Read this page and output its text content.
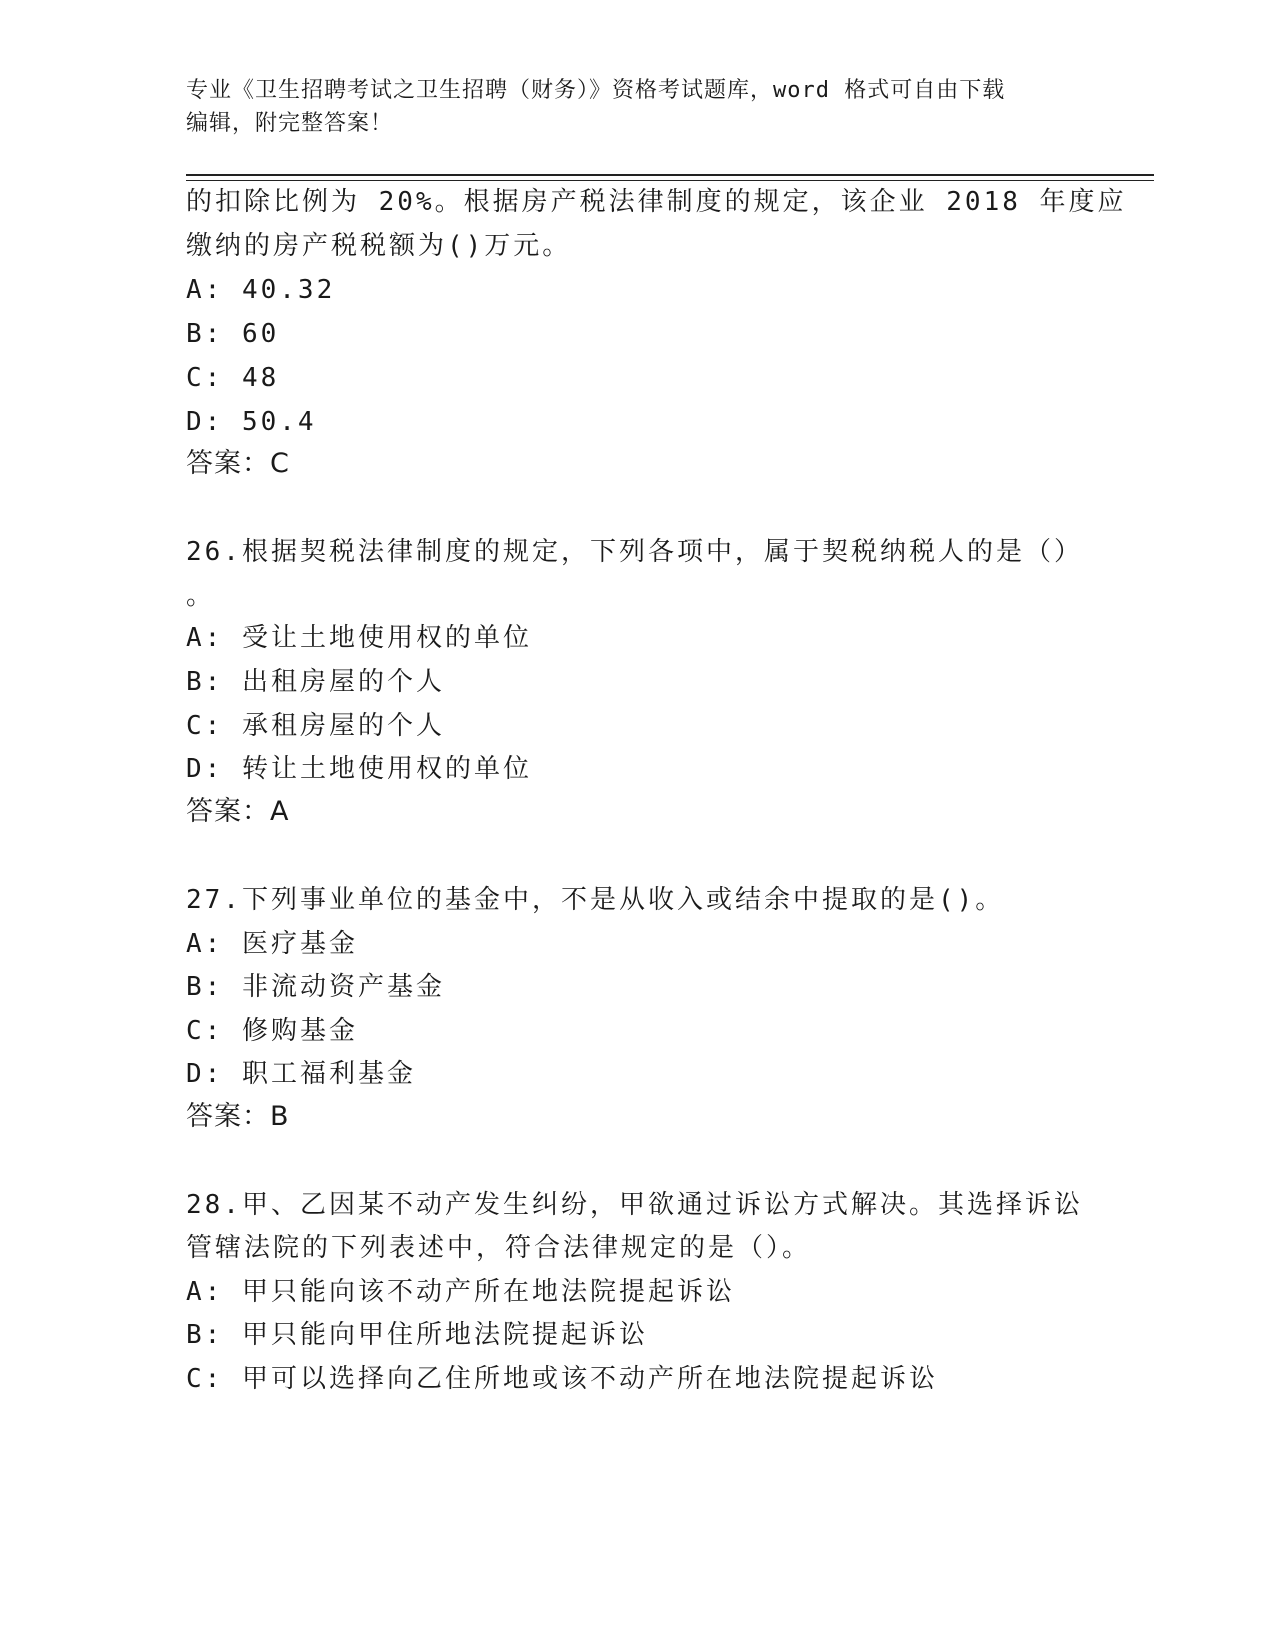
专业《卫生招聘考试之卫生招聘（财务）》资格考试题库，word 格式可自由下载
编辑，附完整答案！
的扣除比例为 20%。根据房产税法律制度的规定，该企业 2018 年度应
缴纳的房产税税额为()万元。
A: 40.32
B: 60
C: 48
D: 50.4
答案：C
26.根据契税法律制度的规定，下列各项中，属于契税纳税人的是（）
。
A: 受让土地使用权的单位
B: 出租房屋的个人
C: 承租房屋的个人
D: 转让土地使用权的单位
答案：A
27.下列事业单位的基金中，不是从收入或结余中提取的是()。
A: 医疗基金
B: 非流动资产基金
C: 修购基金
D: 职工福利基金
答案：B
28.甲、乙因某不动产发生纠纷，甲欲通过诉讼方式解决。其选择诉讼
管辖法院的下列表述中，符合法律规定的是（）。
A: 甲只能向该不动产所在地法院提起诉讼
B: 甲只能向甲住所地法院提起诉讼
C: 甲可以选择向乙住所地或该不动产所在地法院提起诉讼
